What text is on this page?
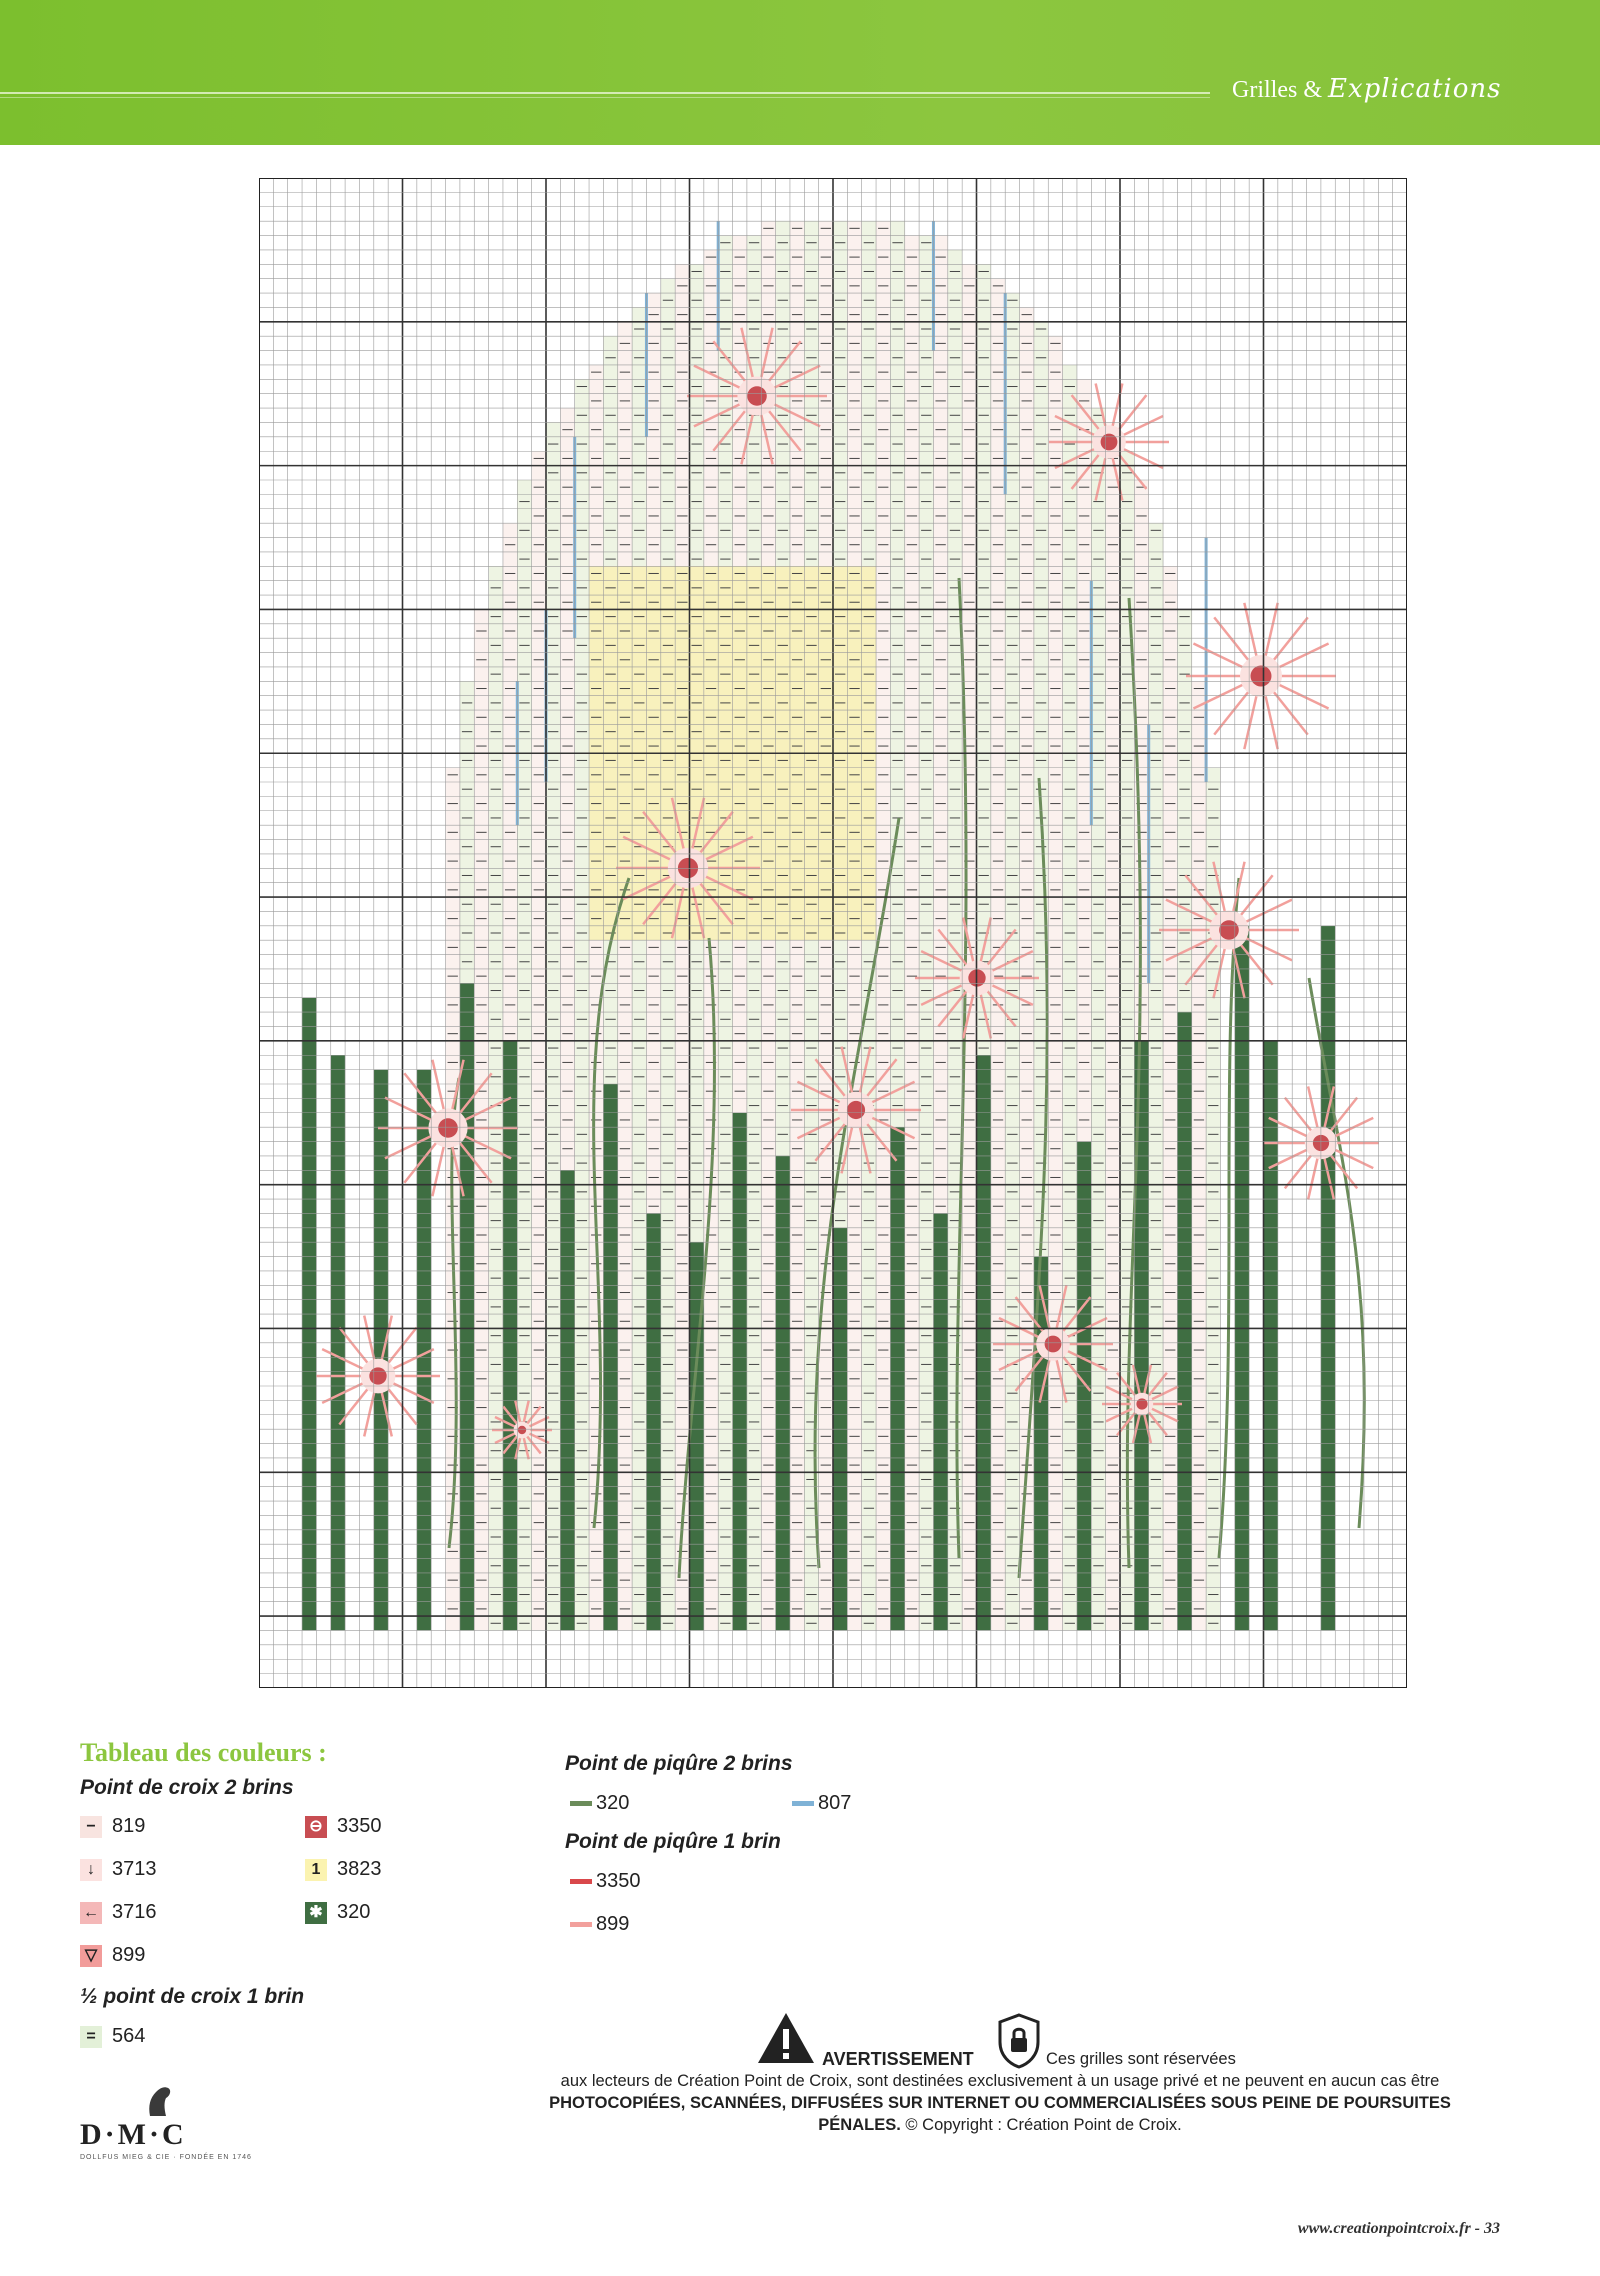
Grilles & Explications
Tableau des couleurs :
Point de croix 2 brins
− 819	⊖ 3350
↓ 3713	1 3823
← 3716	✱ 320
▽ 899
½ point de croix 1 brin
= 564
Point de piqûre 2 brins
320	807
Point de piqûre 1 brin
3350
899
AVERTISSEMENT	Ces grilles sont réservées
aux lecteurs de Création Point de Croix, sont destinées exclusivement à un usage privé et ne peuvent en aucun cas être
PHOTOCOPIÉES, SCANNÉES, DIFFUSÉES SUR INTERNET OU COMMERCIALISÉES SOUS PEINE DE POURSUITES
PÉNALES. © Copyright : Création Point de Croix.
D·M·C
DOLLFUS MIEG & CIE · FONDÉE EN 1746
www.creationpointcroix.fr - 33
